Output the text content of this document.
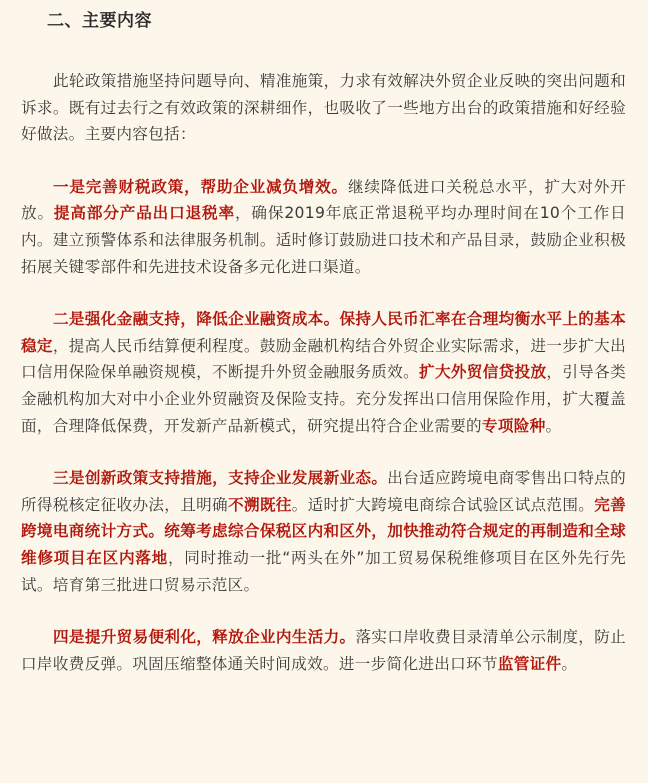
二、主要内容

此轮政策措施坚持问题导向、精准施策，力求有效解决外贸企业反映的突出问题和诉求。既有过去行之有效政策的深耕细作，也吸收了一些地方出台的政策措施和好经验好做法。主要内容包括：

一是完善财税政策，帮助企业减负增效。继续降低进口关税总水平，扩大对外开放。提高部分产品出口退税率，确保2019年底正常退税平均办理时间在10个工作日内。建立预警体系和法律服务机制。适时修订鼓励进口技术和产品目录，鼓励企业积极拓展关键零部件和先进技术设备多元化进口渠道。

二是强化金融支持，降低企业融资成本。保持人民币汇率在合理均衡水平上的基本稳定，提高人民币结算便利程度。鼓励金融机构结合外贸企业实际需求，进一步扩大出口信用保险保单融资规模，不断提升外贸金融服务质效。扩大外贸信贷投放，引导各类金融机构加大对中小企业外贸融资及保险支持。充分发挥出口信用保险作用，扩大覆盖面，合理降低保费，开发新产品新模式，研究提出符合企业需要的专项险种。

三是创新政策支持措施，支持企业发展新业态。出台适应跨境电商零售出口特点的所得税核定征收办法，且明确不溯既往。适时扩大跨境电商综合试验区试点范围。完善跨境电商统计方式。统筹考虑综合保税区内和区外，加快推动符合规定的再制造和全球维修项目在区内落地，同时推动一批“两头在外”加工贸易保税维修项目在区外先行先试。培育第三批进口贸易示范区。

四是提升贸易便利化，释放企业内生活力。落实口岸收费目录清单公示制度，防止口岸收费反弹。巩固压缩整体通关时间成效。进一步简化进出口环节监管证件。
